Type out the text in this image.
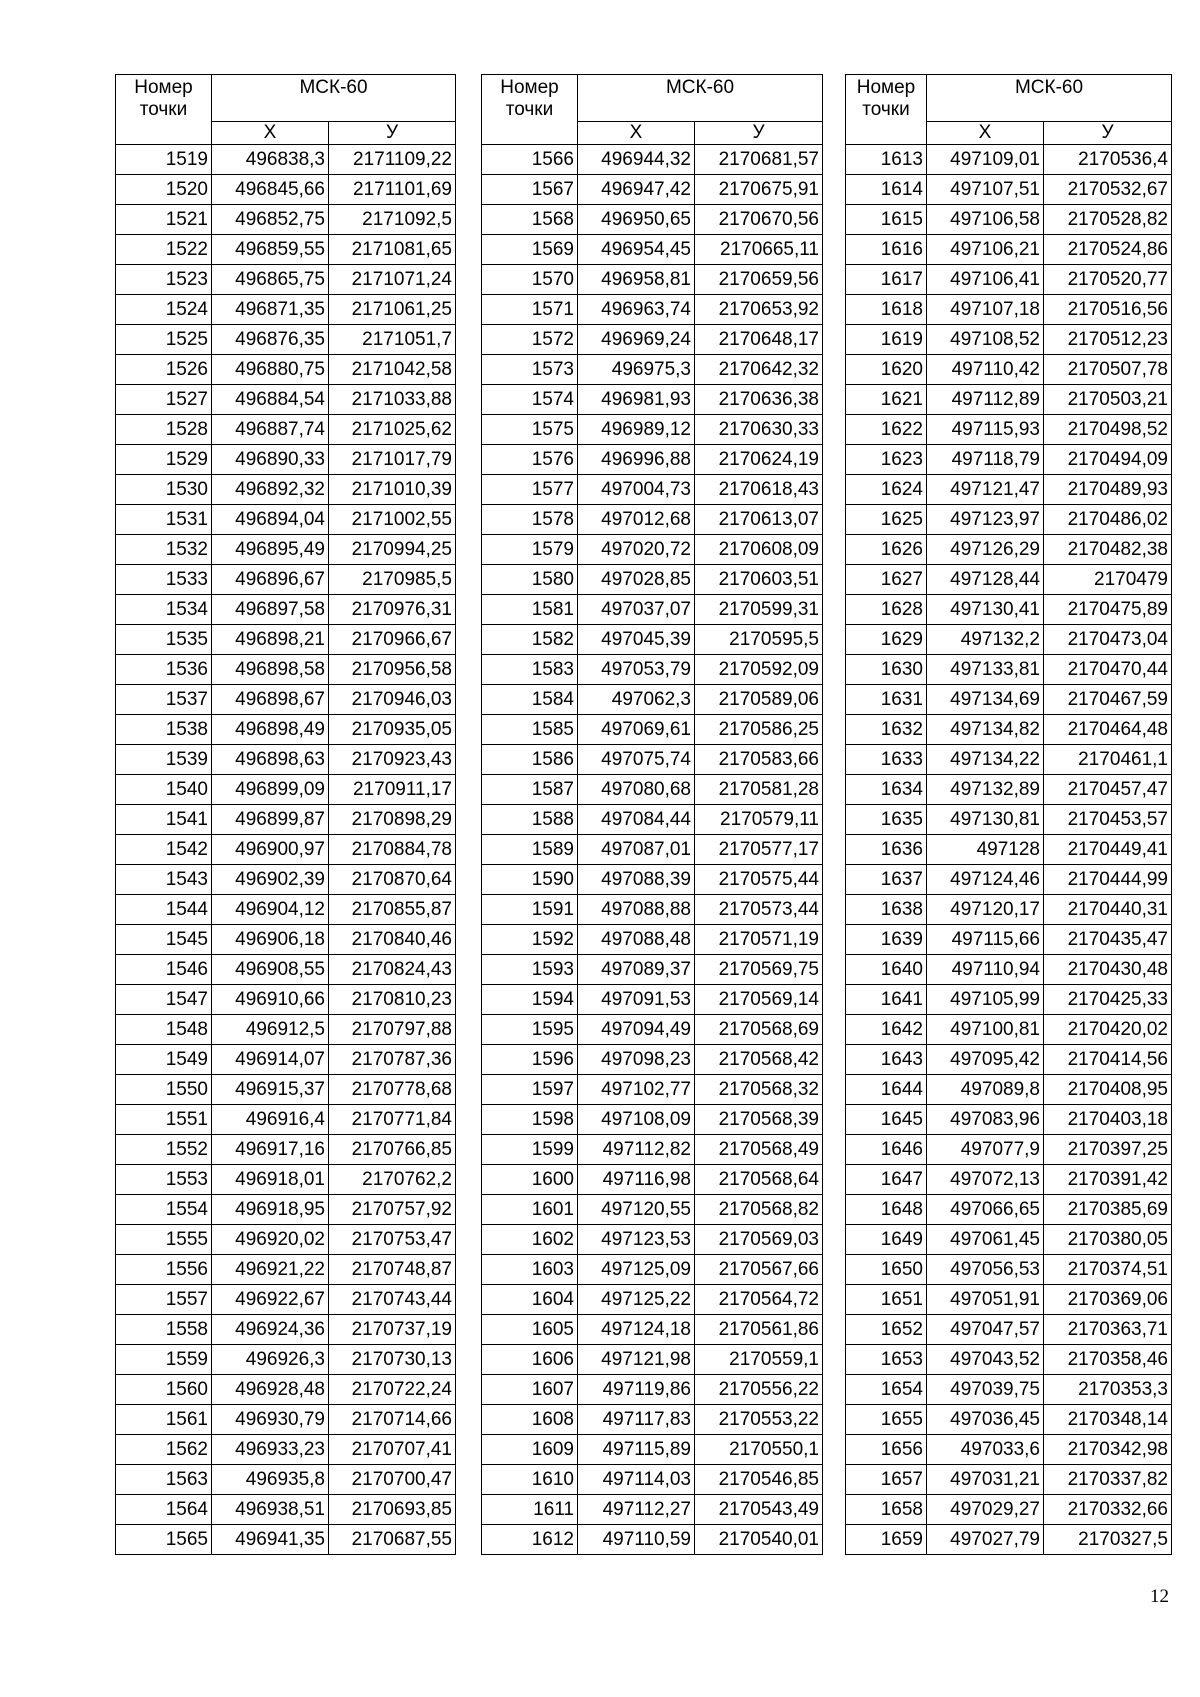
Номер
точки	МСК-60	
	Х	У
1519	496838,3	2171109,22
1520	496845,66	2171101,69
1521	496852,75	2171092,5
1522	496859,55	2171081,65
1523	496865,75	2171071,24
1524	496871,35	2171061,25
1525	496876,35	2171051,7
1526	496880,75	2171042,58
1527	496884,54	2171033,88
1528	496887,74	2171025,62
1529	496890,33	2171017,79
1530	496892,32	2171010,39
1531	496894,04	2171002,55
1532	496895,49	2170994,25
1533	496896,67	2170985,5
1534	496897,58	2170976,31
1535	496898,21	2170966,67
1536	496898,58	2170956,58
1537	496898,67	2170946,03
1538	496898,49	2170935,05
1539	496898,63	2170923,43
1540	496899,09	2170911,17
1541	496899,87	2170898,29
1542	496900,97	2170884,78
1543	496902,39	2170870,64
1544	496904,12	2170855,87
1545	496906,18	2170840,46
1546	496908,55	2170824,43
1547	496910,66	2170810,23
1548	496912,5	2170797,88
1549	496914,07	2170787,36
1550	496915,37	2170778,68
1551	496916,4	2170771,84
1552	496917,16	2170766,85
1553	496918,01	2170762,2
1554	496918,95	2170757,92
1555	496920,02	2170753,47
1556	496921,22	2170748,87
1557	496922,67	2170743,44
1558	496924,36	2170737,19
1559	496926,3	2170730,13
1560	496928,48	2170722,24
1561	496930,79	2170714,66
1562	496933,23	2170707,41
1563	496935,8	2170700,47
1564	496938,51	2170693,85
1565	496941,35	2170687,55
Номер
точки	МСК-60	
	Х	У
1566	496944,32	2170681,57
1567	496947,42	2170675,91
1568	496950,65	2170670,56
1569	496954,45	2170665,11
1570	496958,81	2170659,56
1571	496963,74	2170653,92
1572	496969,24	2170648,17
1573	496975,3	2170642,32
1574	496981,93	2170636,38
1575	496989,12	2170630,33
1576	496996,88	2170624,19
1577	497004,73	2170618,43
1578	497012,68	2170613,07
1579	497020,72	2170608,09
1580	497028,85	2170603,51
1581	497037,07	2170599,31
1582	497045,39	2170595,5
1583	497053,79	2170592,09
1584	497062,3	2170589,06
1585	497069,61	2170586,25
1586	497075,74	2170583,66
1587	497080,68	2170581,28
1588	497084,44	2170579,11
1589	497087,01	2170577,17
1590	497088,39	2170575,44
1591	497088,88	2170573,44
1592	497088,48	2170571,19
1593	497089,37	2170569,75
1594	497091,53	2170569,14
1595	497094,49	2170568,69
1596	497098,23	2170568,42
1597	497102,77	2170568,32
1598	497108,09	2170568,39
1599	497112,82	2170568,49
1600	497116,98	2170568,64
1601	497120,55	2170568,82
1602	497123,53	2170569,03
1603	497125,09	2170567,66
1604	497125,22	2170564,72
1605	497124,18	2170561,86
1606	497121,98	2170559,1
1607	497119,86	2170556,22
1608	497117,83	2170553,22
1609	497115,89	2170550,1
1610	497114,03	2170546,85
1611	497112,27	2170543,49
1612	497110,59	2170540,01
Номер
точки	МСК-60	
	Х	У
1613	497109,01	2170536,4
1614	497107,51	2170532,67
1615	497106,58	2170528,82
1616	497106,21	2170524,86
1617	497106,41	2170520,77
1618	497107,18	2170516,56
1619	497108,52	2170512,23
1620	497110,42	2170507,78
1621	497112,89	2170503,21
1622	497115,93	2170498,52
1623	497118,79	2170494,09
1624	497121,47	2170489,93
1625	497123,97	2170486,02
1626	497126,29	2170482,38
1627	497128,44	2170479
1628	497130,41	2170475,89
1629	497132,2	2170473,04
1630	497133,81	2170470,44
1631	497134,69	2170467,59
1632	497134,82	2170464,48
1633	497134,22	2170461,1
1634	497132,89	2170457,47
1635	497130,81	2170453,57
1636	497128	2170449,41
1637	497124,46	2170444,99
1638	497120,17	2170440,31
1639	497115,66	2170435,47
1640	497110,94	2170430,48
1641	497105,99	2170425,33
1642	497100,81	2170420,02
1643	497095,42	2170414,56
1644	497089,8	2170408,95
1645	497083,96	2170403,18
1646	497077,9	2170397,25
1647	497072,13	2170391,42
1648	497066,65	2170385,69
1649	497061,45	2170380,05
1650	497056,53	2170374,51
1651	497051,91	2170369,06
1652	497047,57	2170363,71
1653	497043,52	2170358,46
1654	497039,75	2170353,3
1655	497036,45	2170348,14
1656	497033,6	2170342,98
1657	497031,21	2170337,82
1658	497029,27	2170332,66
1659	497027,79	2170327,5
12
